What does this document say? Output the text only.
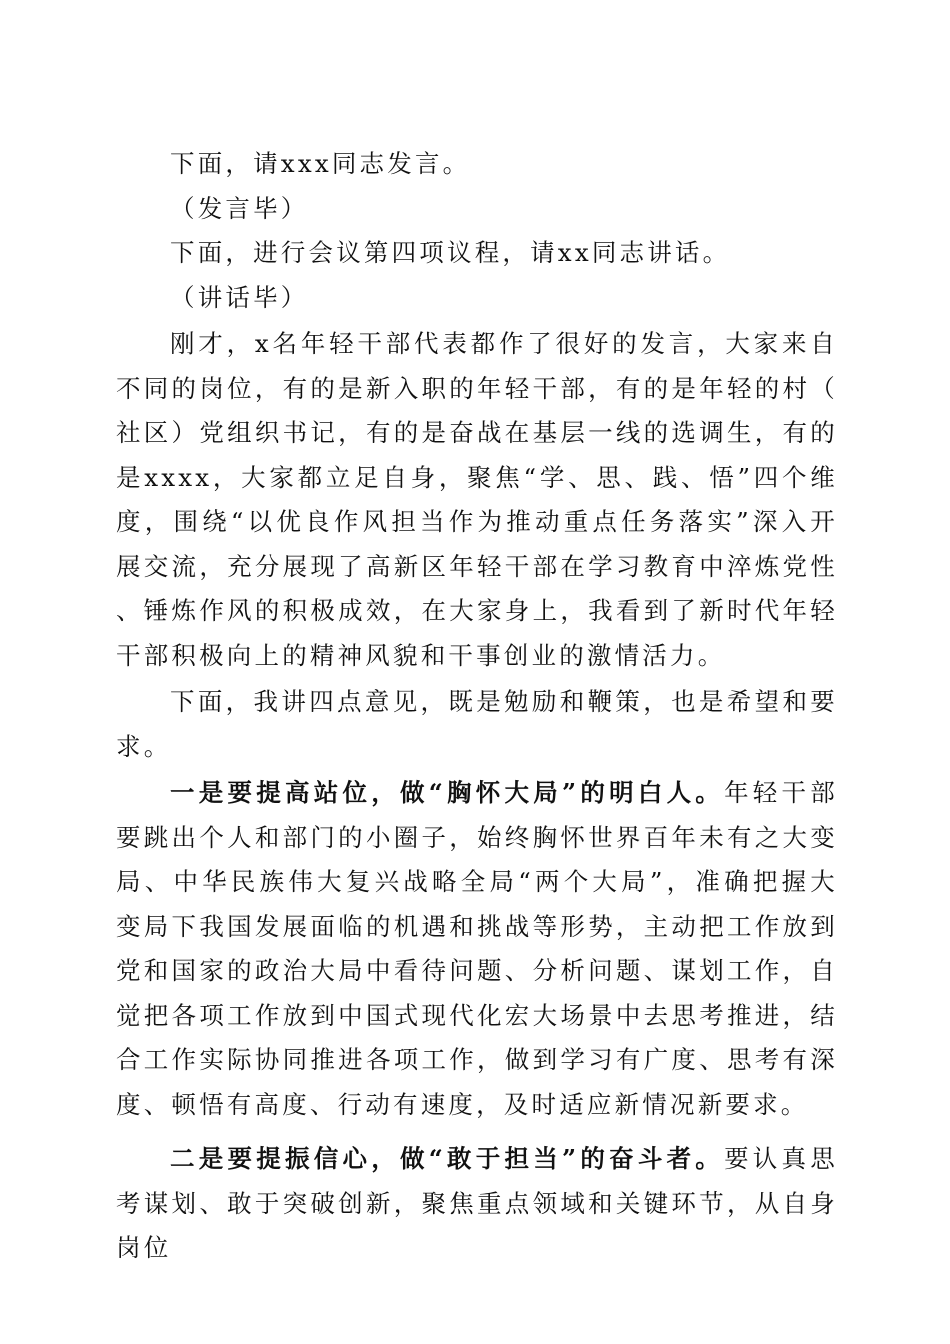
下面，请xxx同志发言。

（发言毕）

下面，进行会议第四项议程，请xx同志讲话。

（讲话毕）

刚才，x名年轻干部代表都作了很好的发言，大家来自不同的岗位，有的是新入职的年轻干部，有的是年轻的村（社区）党组织书记，有的是奋战在基层一线的选调生，有的是xxxx，大家都立足自身，聚焦“学、思、践、悟”四个维度，围绕“以优良作风担当作为推动重点任务落实”深入开展交流，充分展现了高新区年轻干部在学习教育中淬炼党性、锤炼作风的积极成效，在大家身上，我看到了新时代年轻干部积极向上的精神风貌和干事创业的激情活力。

下面，我讲四点意见，既是勉励和鞭策，也是希望和要求。

一是要提高站位，做“胸怀大局”的明白人。年轻干部要跳出个人和部门的小圈子，始终胸怀世界百年未有之大变局、中华民族伟大复兴战略全局“两个大局”，准确把握大变局下我国发展面临的机遇和挑战等形势，主动把工作放到党和国家的政治大局中看待问题、分析问题、谋划工作，自觉把各项工作放到中国式现代化宏大场景中去思考推进，结合工作实际协同推进各项工作，做到学习有广度、思考有深度、顿悟有高度、行动有速度，及时适应新情况新要求。

二是要提振信心，做“敢于担当”的奋斗者。要认真思考谋划、敢于突破创新，聚焦重点领域和关键环节，从自身岗位
